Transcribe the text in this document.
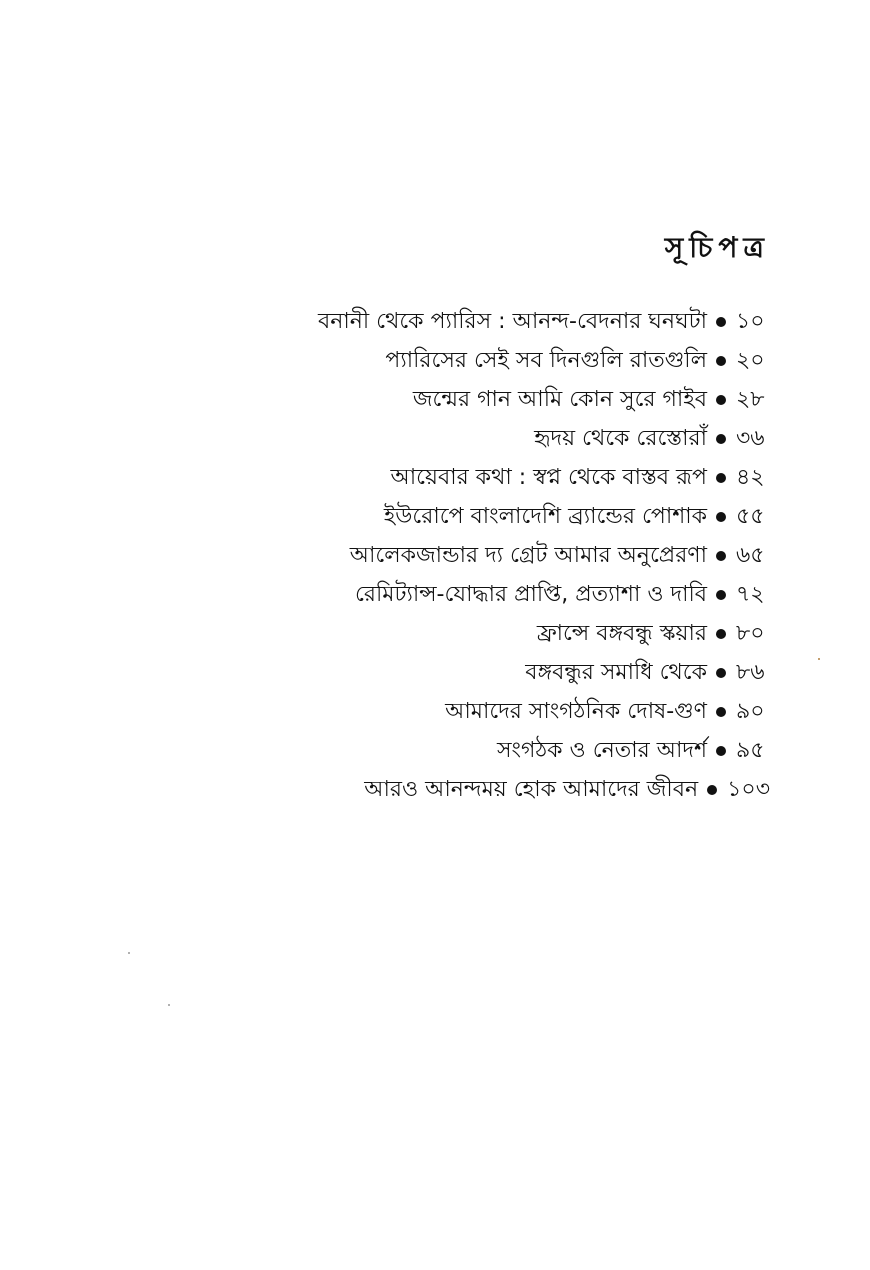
সূচিপত্র
বনানী থেকে প্যারিস : আনন্দ-বেদনার ঘনঘটা ১০
প্যারিসের সেই সব দিনগুলি রাতগুলি ২০
জন্মের গান আমি কোন সুরে গাইব ২৮
হৃদয় থেকে রেস্তোরাঁ ৩৬
আয়েবার কথা : স্বপ্ন থেকে বাস্তব রূপ ৪২
ইউরোপে বাংলাদেশি ব্র্যান্ডের পোশাক ৫৫
আলেকজান্ডার দ্য গ্রেট আমার অনুপ্রেরণা ৬৫
রেমিট্যান্স-যোদ্ধার প্রাপ্তি, প্রত্যাশা ও দাবি ৭২
ফ্রান্সে বঙ্গবন্ধু স্কয়ার ৮০
বঙ্গবন্ধুর সমাধি থেকে ৮৬
আমাদের সাংগঠনিক দোষ-গুণ ৯০
সংগঠক ও নেতার আদর্শ ৯৫
আরও আনন্দময় হোক আমাদের জীবন ১০৩
